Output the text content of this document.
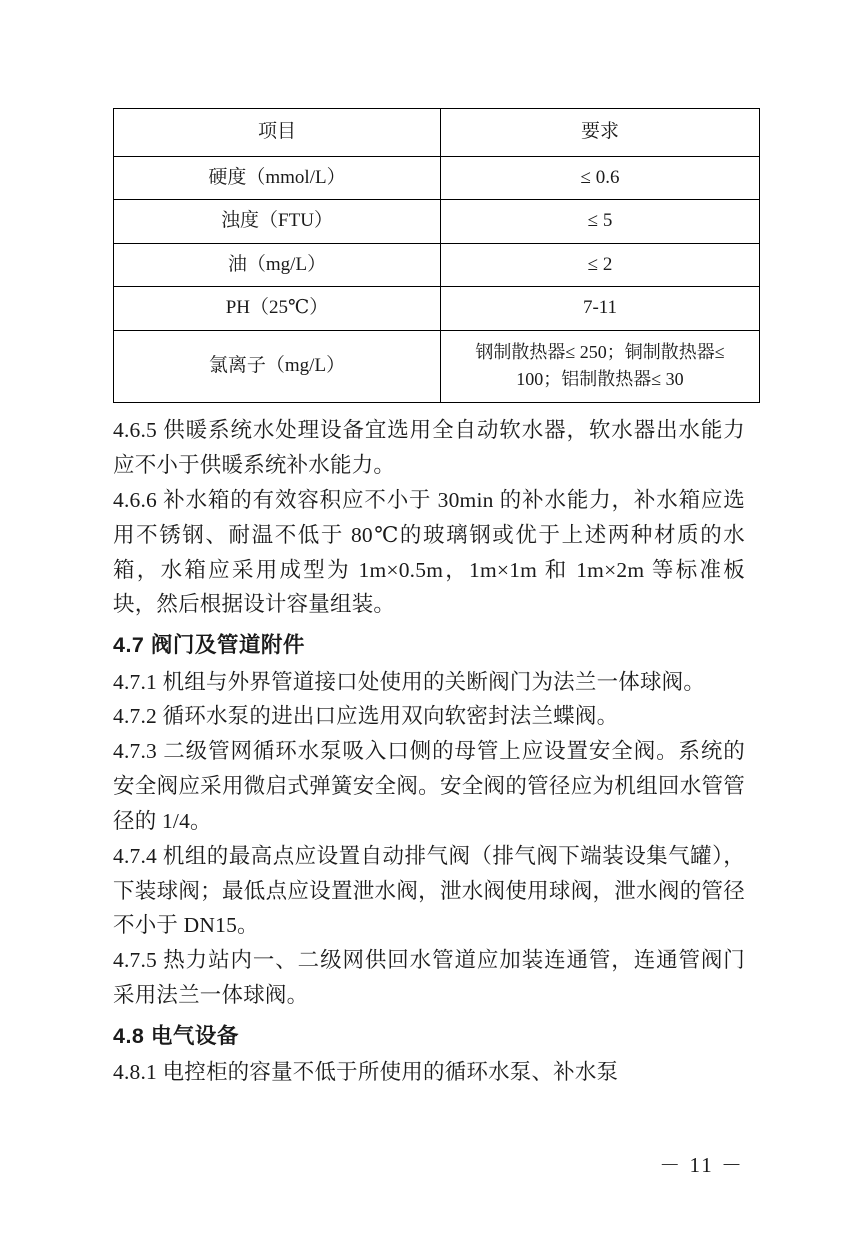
项目	要求
硬度（mmol/L）	≤ 0.6
浊度（FTU）	≤ 5
油（mg/L）	≤ 2
PH（25℃）	7-11
氯离子（mg/L）	钢制散热器≤ 250；铜制散热器≤ 100；铝制散热器≤ 30

4.6.5 供暖系统水处理设备宜选用全自动软水器，软水器出水能力应不小于供暖系统补水能力。

4.6.6 补水箱的有效容积应不小于 30min 的补水能力，补水箱应选用不锈钢、耐温不低于 80℃的玻璃钢或优于上述两种材质的水箱，水箱应采用成型为 1m×0.5m，1m×1m 和 1m×2m 等标准板块，然后根据设计容量组装。

4.7 阀门及管道附件

4.7.1 机组与外界管道接口处使用的关断阀门为法兰一体球阀。

4.7.2 循环水泵的进出口应选用双向软密封法兰蝶阀。

4.7.3 二级管网循环水泵吸入口侧的母管上应设置安全阀。系统的安全阀应采用微启式弹簧安全阀。安全阀的管径应为机组回水管管径的 1/4。

4.7.4 机组的最高点应设置自动排气阀（排气阀下端装设集气罐），下装球阀；最低点应设置泄水阀，泄水阀使用球阀，泄水阀的管径不小于 DN15。

4.7.5 热力站内一、二级网供回水管道应加装连通管，连通管阀门采用法兰一体球阀。

4.8 电气设备

4.8.1 电控柜的容量不低于所使用的循环水泵、补水泵

－ 11 －
